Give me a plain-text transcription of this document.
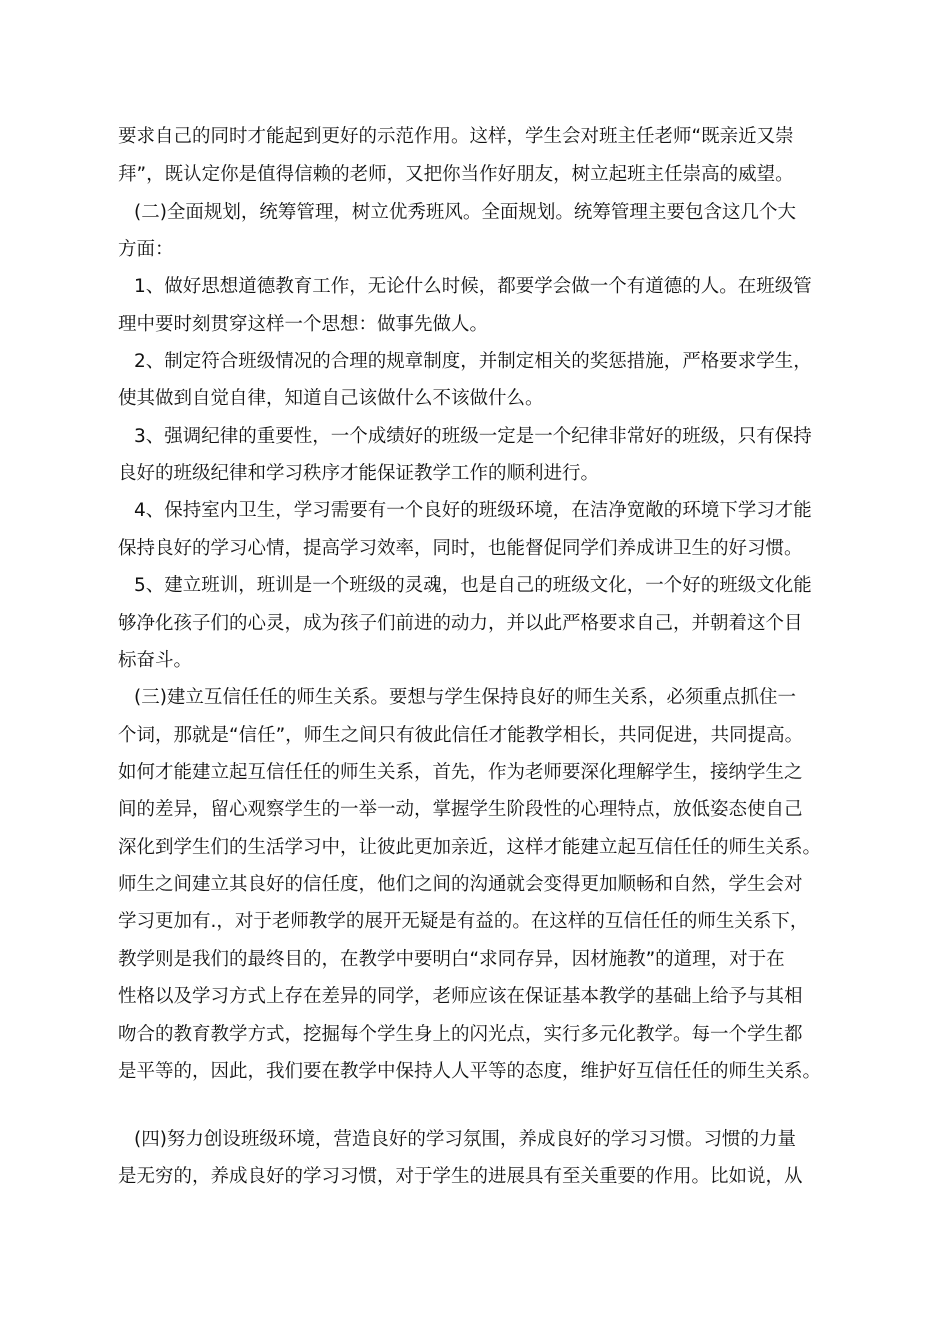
要求自己的同时才能起到更好的示范作用。这样，学生会对班主任老师“既亲近又崇
拜”，既认定你是值得信赖的老师，又把你当作好朋友，树立起班主任崇高的威望。
(二)全面规划，统筹管理，树立优秀班风。全面规划。统筹管理主要包含这几个大
方面：
1、做好思想道德教育工作，无论什么时候，都要学会做一个有道德的人。在班级管
理中要时刻贯穿这样一个思想：做事先做人。
2、制定符合班级情况的合理的规章制度，并制定相关的奖惩措施，严格要求学生，
使其做到自觉自律，知道自己该做什么不该做什么。
3、强调纪律的重要性，一个成绩好的班级一定是一个纪律非常好的班级，只有保持
良好的班级纪律和学习秩序才能保证教学工作的顺利进行。
4、保持室内卫生，学习需要有一个良好的班级环境，在洁净宽敞的环境下学习才能
保持良好的学习心情，提高学习效率，同时，也能督促同学们养成讲卫生的好习惯。
5、建立班训，班训是一个班级的灵魂，也是自己的班级文化，一个好的班级文化能
够净化孩子们的心灵，成为孩子们前进的动力，并以此严格要求自己，并朝着这个目
标奋斗。
(三)建立互信任任的师生关系。要想与学生保持良好的师生关系，必须重点抓住一
个词，那就是“信任”，师生之间只有彼此信任才能教学相长，共同促进，共同提高。
如何才能建立起互信任任的师生关系，首先，作为老师要深化理解学生，接纳学生之
间的差异，留心观察学生的一举一动，掌握学生阶段性的心理特点，放低姿态使自己
深化到学生们的生活学习中，让彼此更加亲近，这样才能建立起互信任任的师生关系。
师生之间建立其良好的信任度，他们之间的沟通就会变得更加顺畅和自然，学生会对
学习更加有.，对于老师教学的展开无疑是有益的。在这样的互信任任的师生关系下，
教学则是我们的最终目的，在教学中要明白“求同存异，因材施教”的道理，对于在
性格以及学习方式上存在差异的同学，老师应该在保证基本教学的基础上给予与其相
吻合的教育教学方式，挖掘每个学生身上的闪光点，实行多元化教学。每一个学生都
是平等的，因此，我们要在教学中保持人人平等的态度，维护好互信任任的师生关系。
(四)努力创设班级环境，营造良好的学习氛围，养成良好的学习习惯。习惯的力量
是无穷的，养成良好的学习习惯，对于学生的进展具有至关重要的作用。比如说，从
